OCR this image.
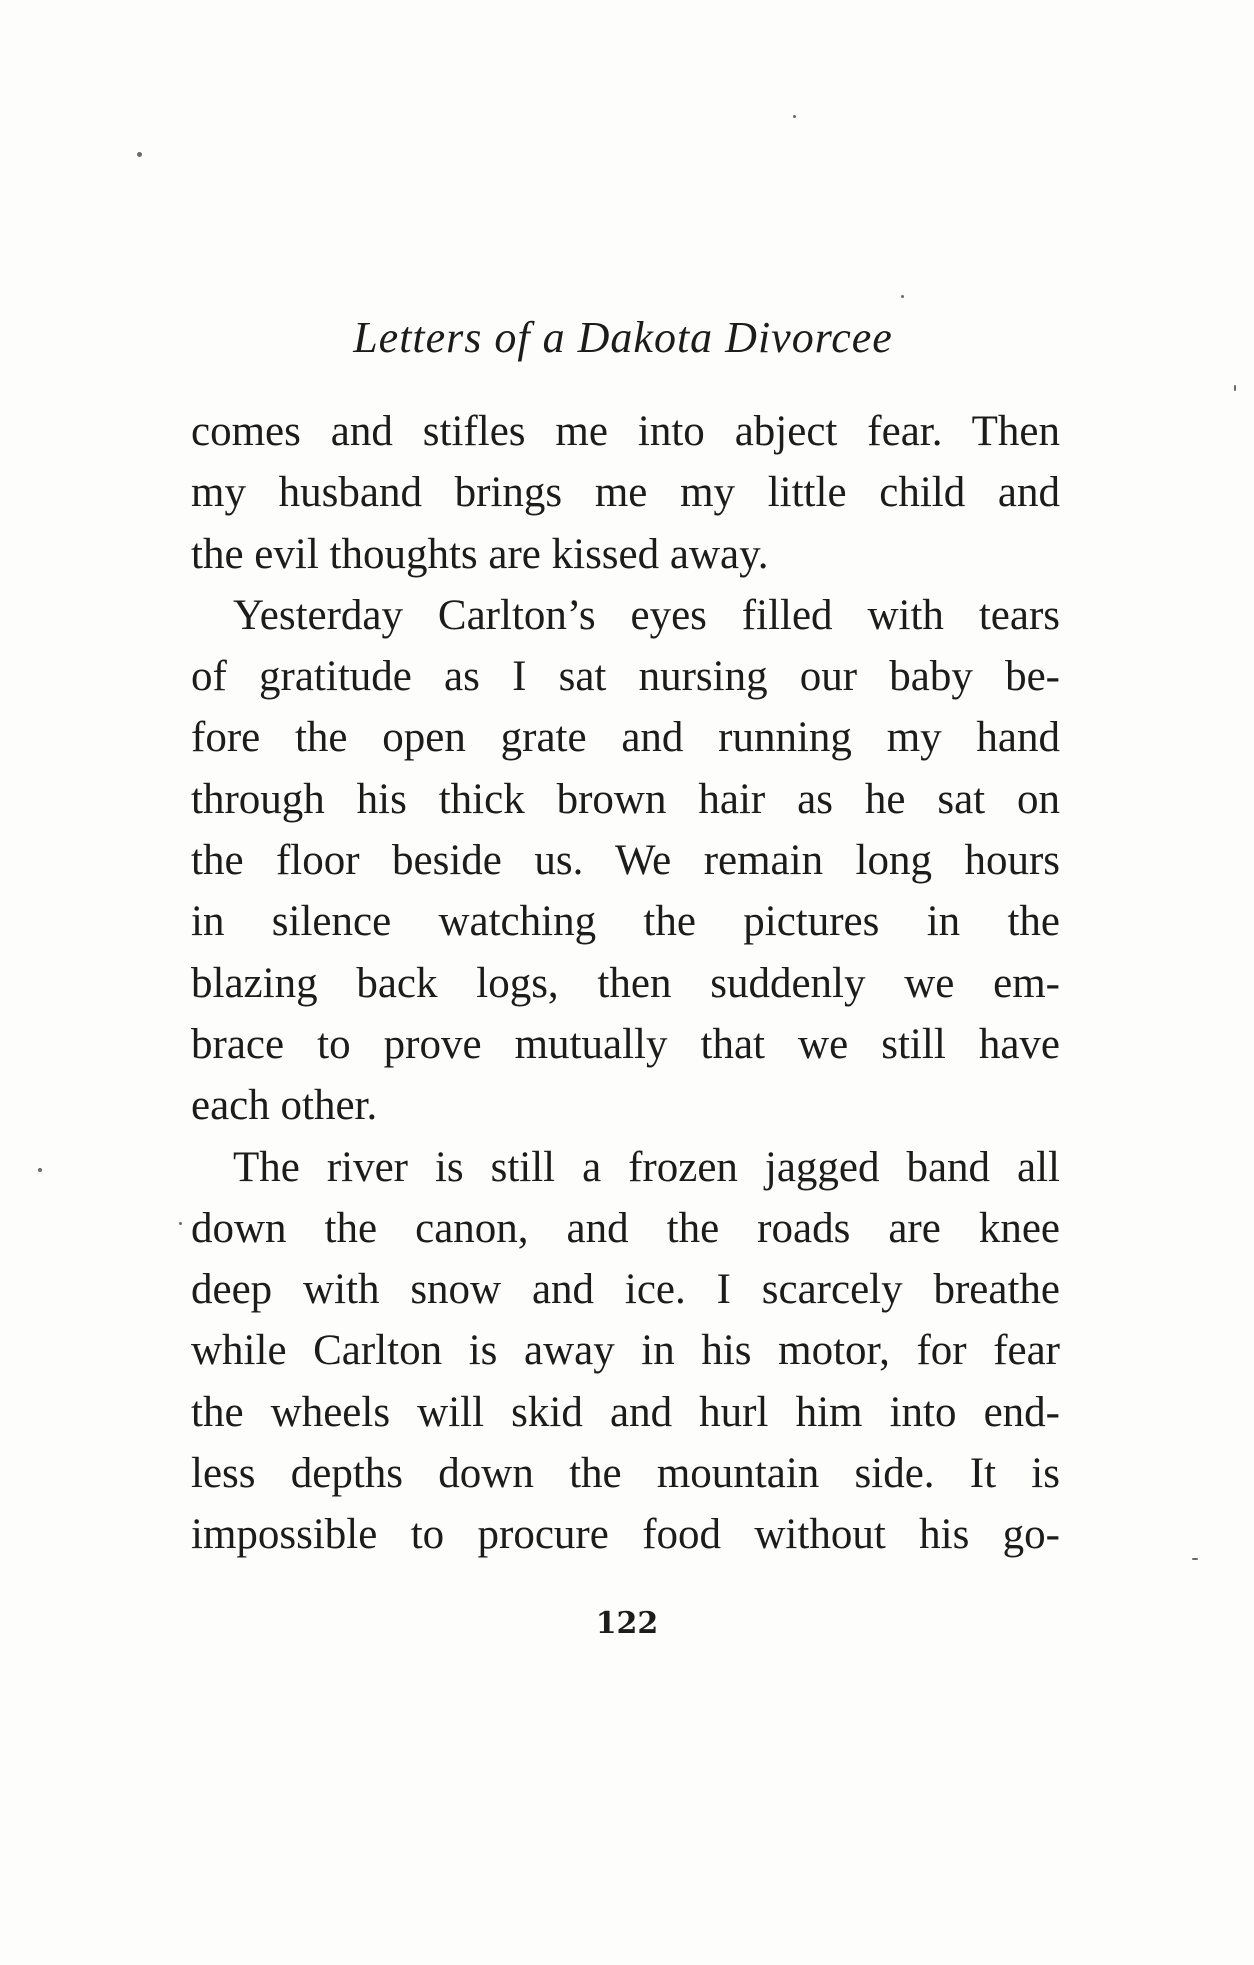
Letters of a Dakota Divorcee

comes and stifles me into abject fear. Then
my husband brings me my little child and
the evil thoughts are kissed away.

Yesterday Carlton’s eyes filled with tears
of gratitude as I sat nursing our baby be-
fore the open grate and running my hand
through his thick brown hair as he sat on
the floor beside us. We remain long hours
in silence watching the pictures in the
blazing back logs, then suddenly we em-
brace to prove mutually that we still have
each other.

The river is still a frozen jagged band all
down the canon, and the roads are knee
deep with snow and ice. I scarcely breathe
while Carlton is away in his motor, for fear
the wheels will skid and hurl him into end-
less depths down the mountain side. It is
impossible to procure food without his go-

122
